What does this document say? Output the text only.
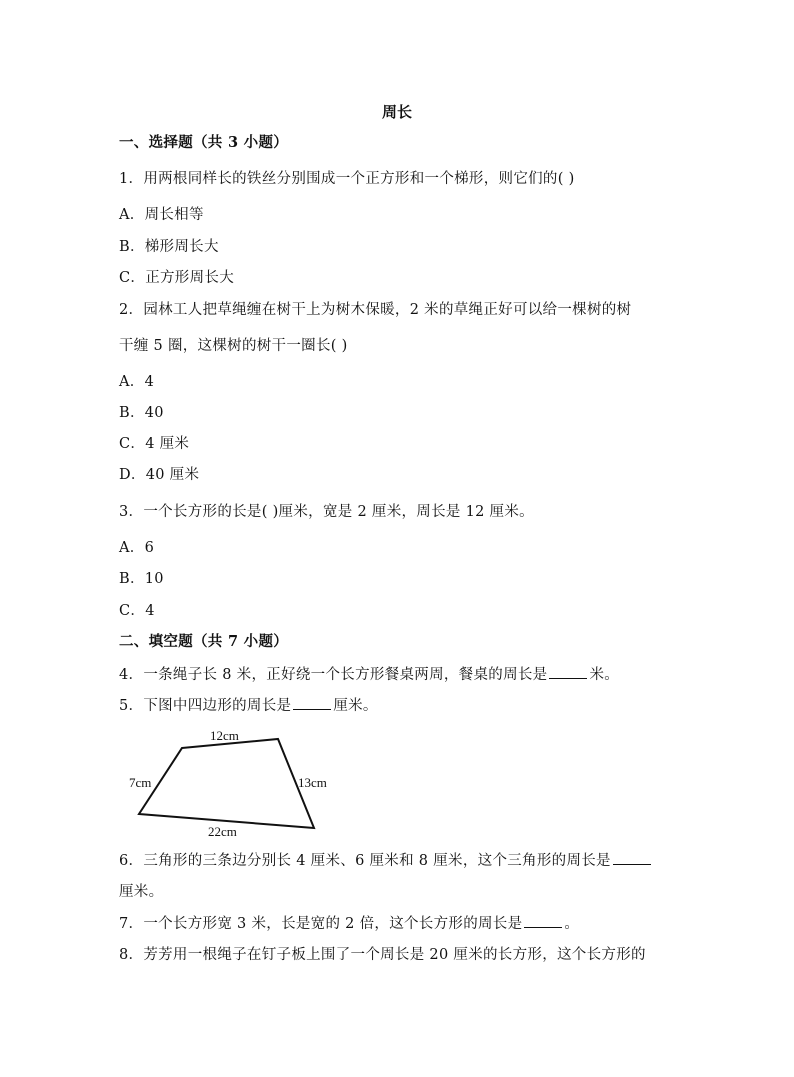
周长
一、选择题（共 3 小题）
1．用两根同样长的铁丝分别围成一个正方形和一个梯形，则它们的( )
A．周长相等
B．梯形周长大
C．正方形周长大
2．园林工人把草绳缠在树干上为树木保暖，2 米的草绳正好可以给一棵树的树
干缠 5 圈，这棵树的树干一圈长( )
A．4
B．40
C．4 厘米
D．40 厘米
3．一个长方形的长是( )厘米，宽是 2 厘米，周长是 12 厘米。
A．6
B．10
C．4
二、填空题（共 7 小题）
4．一条绳子长 8 米，正好绕一个长方形餐桌两周，餐桌的周长是	米。
5．下图中四边形的周长是	厘米。
12cm
7cm	13cm
22cm
6．三角形的三条边分别长 4 厘米、6 厘米和 8 厘米，这个三角形的周长是
厘米。
7．一个长方形宽 3 米，长是宽的 2 倍，这个长方形的周长是	。
8．芳芳用一根绳子在钉子板上围了一个周长是 20 厘米的长方形，这个长方形的
